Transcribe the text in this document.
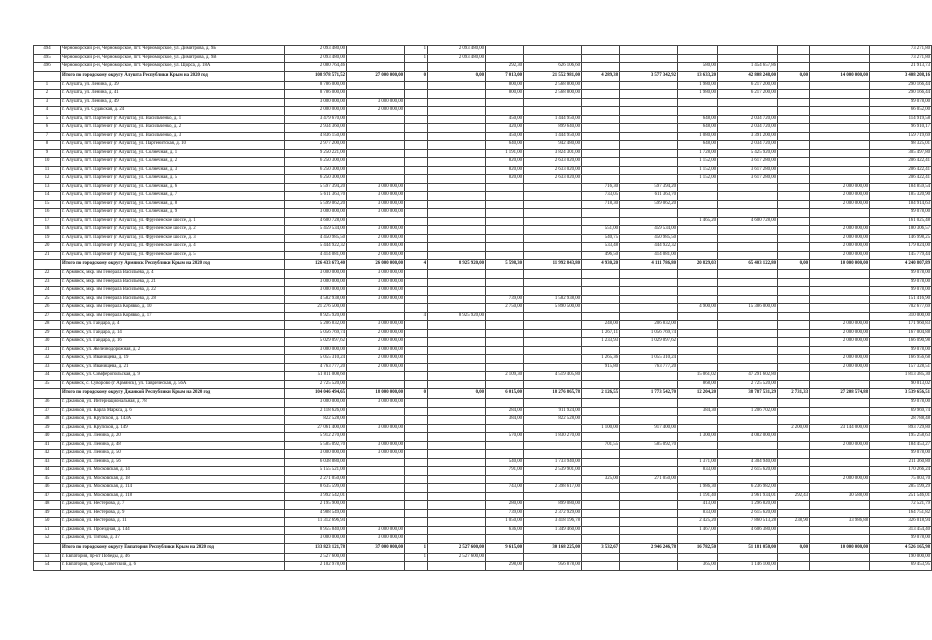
494	Черноморский р-н, Черноморское, пгт. Черноморское, ул. Димитрова, д. 9Б	2 093 480,00		1	2 093 480,00									73 271,80
495	Черноморский р-н, Черноморское, пгт. Черноморское, ул. Димитрова, д. 9В	2 093 480,00		1	2 093 480,00									73 271,80
496	Черноморский р-н, Черноморское, пгт. Черноморское, ул. Щорса, д. 18А	2 080 764,46				292,30	626 106,60			580,00	1 454 657,86			21 913,73
	Итого по городскому округу Алушта Республики Крым на 2020 год	108 978 571,52	27 000 000,00	0	0,00	7 013,00	21 552 981,00	4 289,38	3 577 342,92	13 633,20	42 808 248,00	0,00	14 000 000,00	3 408 208,16
1	г. Алушта, ул. Ленина, д. 39	8 786 000,00				800,00	2 568 800,00			1 980,00	6 217 200,00			290 166,44
2	г. Алушта, ул. Ленина, д. 41	8 786 000,00				800,00	2 568 800,00			1 980,00	6 217 200,00			290 166,44
3	г. Алушта, ул. Ленина, д. 49	3 000 000,00	3 000 000,00											99 078,00
4	г. Алушта, ул. Судакская, д. 24	2 000 000,00	2 000 000,00											66 052,00
5	г. Алушта, пгт. Партенит (г Алушта), ул. Васильченко, д. 1	3 479 670,00				450,00	1 444 950,00			648,00	2 034 720,00			114 919,58
6	г. Алушта, пгт. Партенит (г Алушта), ул. Васильченко, д. 2	2 934 360,00				420,00	899 640,00			648,00	2 034 720,00			96 910,17
7	г. Алушта, пгт. Партенит (г Алушта), ул. Васильченко, д. 3	4 836 150,00				450,00	1 444 950,00			1 080,00	3 391 200,00			159 719,69
8	г. Алушта, пгт. Партенит (г Алушта), ул. Партенитская, д. 10	2 977 200,00				640,00	942 480,00			648,00	2 034 720,00			98 325,01
9	г. Алушта, пгт. Партенит (г Алушта), ул. Солнечная, д. 1	9 250 221,00				1 191,00	3 824 301,00			1 728,00	5 425 920,00			305 497,80
10	г. Алушта, пгт. Партенит (г Алушта), ул. Солнечная, д. 2	6 250 300,00				820,00	2 633 020,00			1 152,00	3 617 280,00			206 422,41
11	г. Алушта, пгт. Партенит (г Алушта), ул. Солнечная, д. 3	6 250 300,00				820,00	2 633 020,00			1 152,00	3 617 280,00			206 422,41
12	г. Алушта, пгт. Партенит (г Алушта), ул. Солнечная, д. 5	6 250 300,00				820,00	2 633 020,00			1 152,00	3 617 280,00			206 422,41
13	г. Алушта, пгт. Партенит (г Алушта), ул. Солнечная, д. 6	5 597 394,20	3 000 000,00					716,30	597 394,20				2 000 000,00	184 859,54
14	г. Алушта, пгт. Партенит (г Алушта), ул. Солнечная, д. 7	5 611 363,70	3 000 000,00					733,05	611 363,70				2 000 000,00	185 320,90
15	г. Алушта, пгт. Партенит (г Алушта), ул. Солнечная, д. 8	5 599 062,20	3 000 000,00					718,30	599 062,20				2 000 000,00	184 914,63
16	г. Алушта, пгт. Партенит (г Алушта), ул. Солнечная, д. 9	3 000 000,00	3 000 000,00											99 078,00
17	г. Алушта, пгт. Партенит (г Алушта), ул. Фрунзенское шоссе, д. 1	4 600 728,00								1 465,20	4 600 728,00			161 025,48
18	г. Алушта, пгт. Партенит (г Алушта), ул. Фрунзенское шоссе, д. 2	5 459 534,00	3 000 000,00					551,00	459 534,00				2 000 000,00	180 306,57
19	г. Алушта, пгт. Партенит (г Алушта), ул. Фрунзенское шоссе, д. 3	4 450 985,50	2 000 000,00					540,75	450 985,50				2 000 000,00	146 998,25
20	г. Алушта, пгт. Партенит (г Алушта), ул. Фрунзенское шоссе, д. 4	5 444 922,32	3 000 000,00					533,48	444 922,32				2 000 000,00	179 824,00
21	г. Алушта, пгт. Партенит (г Алушта), ул. Фрунзенское шоссе, д. 5	4 414 081,00	2 000 000,00					496,50	414 081,00				2 000 000,00	145 779,44
	Итого по городскому округу Армянск Республики Крым на 2020 год	126 433 673,40	26 000 000,00	4	8 925 920,00	5 598,30	11 992 843,80	4 930,20	4 111 786,80	20 829,03	65 403 122,80	0,00	10 000 000,00	4 240 807,89
22	г. Армянск, мкр. им Генерала Васильева, д. 4	3 000 000,00	3 000 000,00											99 078,00
23	г. Армянск, мкр. им Генерала Васильева, д. 21	3 000 000,00	3 000 000,00											99 078,00
24	г. Армянск, мкр. им Генерала Васильева, д. 22	3 000 000,00	3 000 000,00											99 078,00
25	г. Армянск, мкр. им Генерала Васильева, д. 28	4 582 938,00	3 000 000,00			739,00	1 582 938,00							151 416,90
26	г. Армянск, мкр. им Генерала Корявко, д. 10	21 276 500,00				2 750,00	5 890 500,00			4 900,00	15 386 000,00			702 677,69
27	г. Армянск, мкр. им Генерала Корявко, д. 17	8 925 920,00		4	8 925 920,00									310 000,00
28	г. Армянск, ул. Гайдара, д. 4	5 206 832,00	3 000 000,00					248,00	206 832,00				2 000 000,00	171 960,83
29	г. Армянск, ул. Гайдара, д. 14	5 056 769,74	2 000 000,00					1 267,11	1 056 769,74				2 000 000,00	167 004,88
30	г. Армянск, ул. Гайдара, д. 16	5 029 097,62	2 000 000,00					1 233,93	1 029 097,62				2 000 000,00	166 090,98
31	г. Армянск, ул. Железнодорожная, д. 2	3 000 000,00	3 000 000,00											99 078,00
32	г. Армянск, ул. Иванищева, д. 19	5 055 310,24	2 000 000,00					1 265,36	1 055 310,24				2 000 000,00	166 956,68
33	г. Армянск, ул. Иванищева, д. 21	4 763 777,20	2 000 000,00					915,80	763 777,20				2 000 000,00	157 328,51
34	г. Армянск, ул. Симферопольская, д. 9	51 811 008,60				2 109,30	4 519 405,80			15 061,02	47 291 602,80			1 813 385,30
35	г. Армянск, с. Суворово (г Армянск), ул. Таврическая, д. 56А	2 725 520,00								868,00	2 725 520,00			90 013,02
	Итого по городскому округу Джанкой Республики Крым на 2020 год	104 046 494,65	18 000 000,00	0	0,00	6 015,00	18 276 865,78	2 126,55	1 773 542,70	12 204,20	38 787 531,29	2 731,33	27 208 574,88	3 539 656,51
36	г. Джанкой, ул. Интернациональная, д. 78	3 000 000,00	3 000 000,00											99 078,00
37	г. Джанкой, ул. Карла Маркса, д. 6	2 118 626,00				284,00	911 924,00			384,30	1 206 702,00			69 969,74
38	г. Джанкой, ул. Крупской, д. 143А	822 528,00				384,00	822 528,00							28 788,48
39	г. Джанкой, ул. Крупской, д. 149	27 061 400,00	3 000 000,00					1 100,00	917 400,00			2 200,00	23 144 000,00	893 729,80
40	г. Джанкой, ул. Ленина, д. 20	5 912 270,00				570,00	1 830 270,00			1 300,00	4 082 000,00			195 258,63
41	г. Джанкой, ул. Ленина, д. 48	5 585 092,70	3 000 000,00					701,55	585 092,70				2 000 000,00	184 453,27
42	г. Джанкой, ул. Ленина, д. 50	3 000 000,00	3 000 000,00											99 078,00
43	г. Джанкой, ул. Ленина, д. 56	6 038 880,00				540,00	1 733 940,00			1 371,00	4 304 940,00			211 360,80
44	г. Джанкой, ул. Московская, д. 14	5 155 521,00				791,00	2 539 901,00			833,00	2 615 620,00			170 266,24
45	г. Джанкой, ул. Московская, д. 18	2 271 050,00						325,00	271 050,00				2 000 000,00	75 003,70
46	г. Джанкой, ул. Московская, д. 114	8 635 599,00				743,00	2 398 617,00			1 986,30	6 236 982,00			285 199,29
47	г. Джанкой, ул. Московская, д. 118	3 992 542,01								1 191,40	3 961 934,01	292,43	30 588,00	251 546,01
48	г. Джанкой, ул. Нестерова, д. 7	2 195 900,00				280,00	899 080,00			413,00	1 296 820,00			72 521,79
49	г. Джанкой, ул. Нестерова, д. 9	4 988 549,00				739,00	2 372 929,00			833,00	2 615 620,00			164 751,82
50	г. Джанкой, ул. Нестерова, д. 11	11 312 696,94				1 050,00	3 418 196,78			2 425,20	7 860 513,28	238,90	33 986,88	326 018,94
51	г. Джанкой, ул. Проездная, д. 144	8 955 840,00	3 000 000,00			636,00	1 349 460,00			1 467,00	4 606 380,00			313 454,40
52	г. Джанкой, ул. Титова, д. 37	3 000 000,00	3 000 000,00											99 078,00
	Итого по городскому округу Евпатория Республики Крым на 2020 год	133 823 121,78	37 000 000,00	1	2 527 600,00	9 615,00	30 168 225,00	3 532,67	2 946 246,78	16 782,50	51 181 050,00	0,00	10 000 000,00	4 526 165,98
53	г. Евпатория, пр-кт Победы, д. 46	2 527 600,00		1	2 527 600,00									190 000,00
54	г. Евпатория, проезд Советский, д. 6	2 102 978,00				298,00	956 878,00			365,00	1 146 100,00			69 453,95
